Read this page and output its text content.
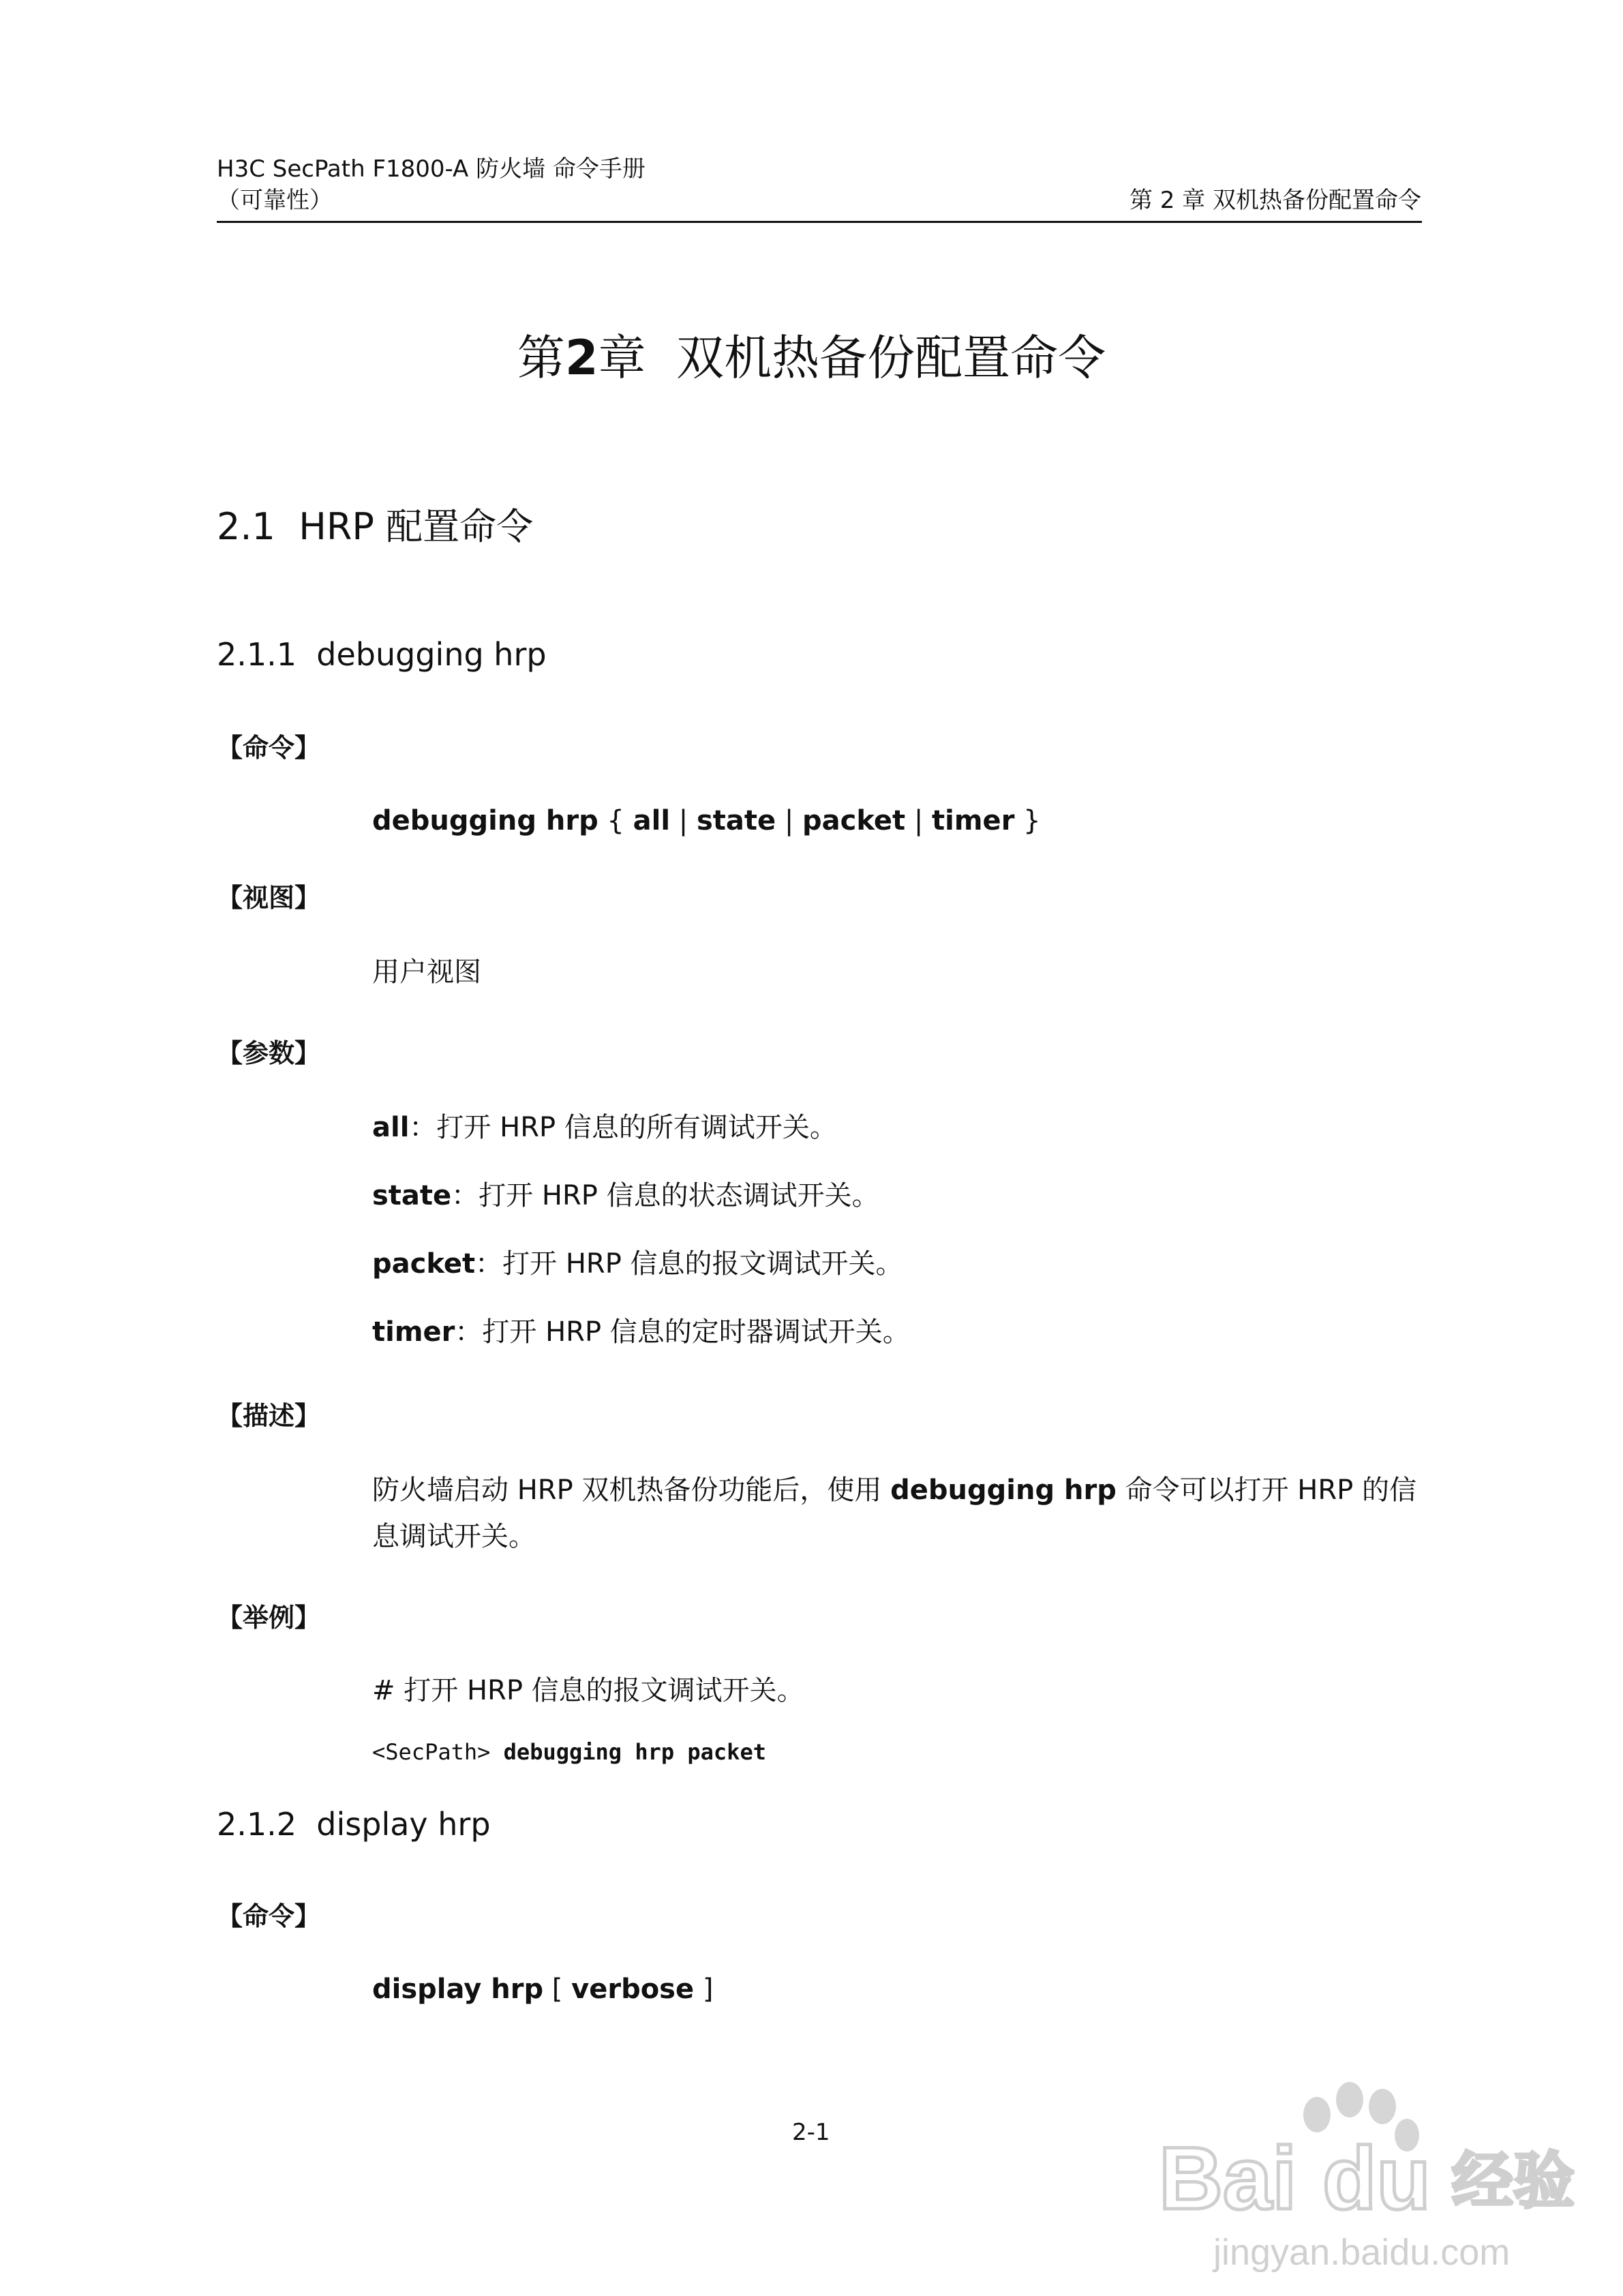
H3C SecPath F1800-A 防火墙 命令手册
（可靠性）	第 2 章 双机热备份配置命令
第2章 双机热备份配置命令
2.1 HRP 配置命令
2.1.1 debugging hrp
【命令】
debugging hrp { all | state | packet | timer }
【视图】
用户视图
【参数】
all：打开 HRP 信息的所有调试开关。
state：打开 HRP 信息的状态调试开关。
packet：打开 HRP 信息的报文调试开关。
timer：打开 HRP 信息的定时器调试开关。
【描述】
防火墙启动 HRP 双机热备份功能后，使用 debugging hrp 命令可以打开 HRP 的信
息调试开关。
【举例】
# 打开 HRP 信息的报文调试开关。
<SecPath> debugging hrp packet
2.1.2 display hrp
【命令】
display hrp [ verbose ]
2-1	Bai du 经验
jingyan.baidu.com
